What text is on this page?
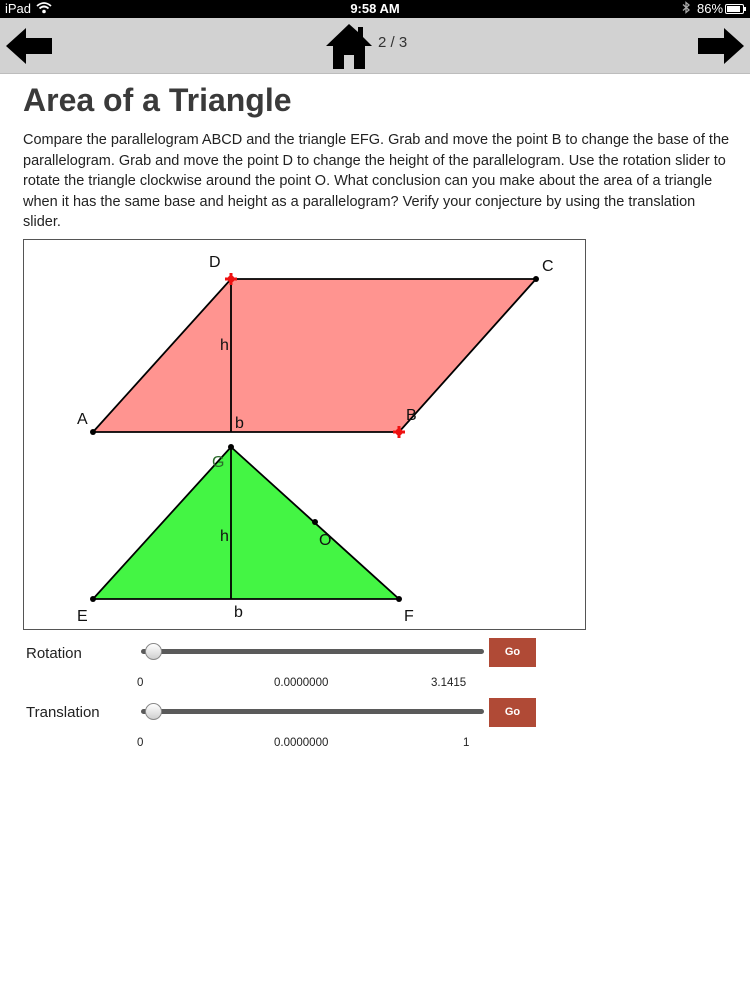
iPad	9:58 AM	86%
2 / 3
Area of a Triangle

Compare the parallelogram ABCD and the triangle EFG. Grab and move the point B to change the base of the parallelogram. Grab and move the point D to change the height of the parallelogram. Use the rotation slider to rotate the triangle clockwise around the point O. What conclusion can you make about the area of a triangle when it has the same base and height as a parallelogram? Verify your conjecture by using the translation slider.

D	C
A	B
h
b
G
h	O
E	b	F
Rotation	Go
0	0.0000000	3.1415
Translation	Go
0	0.0000000	1
